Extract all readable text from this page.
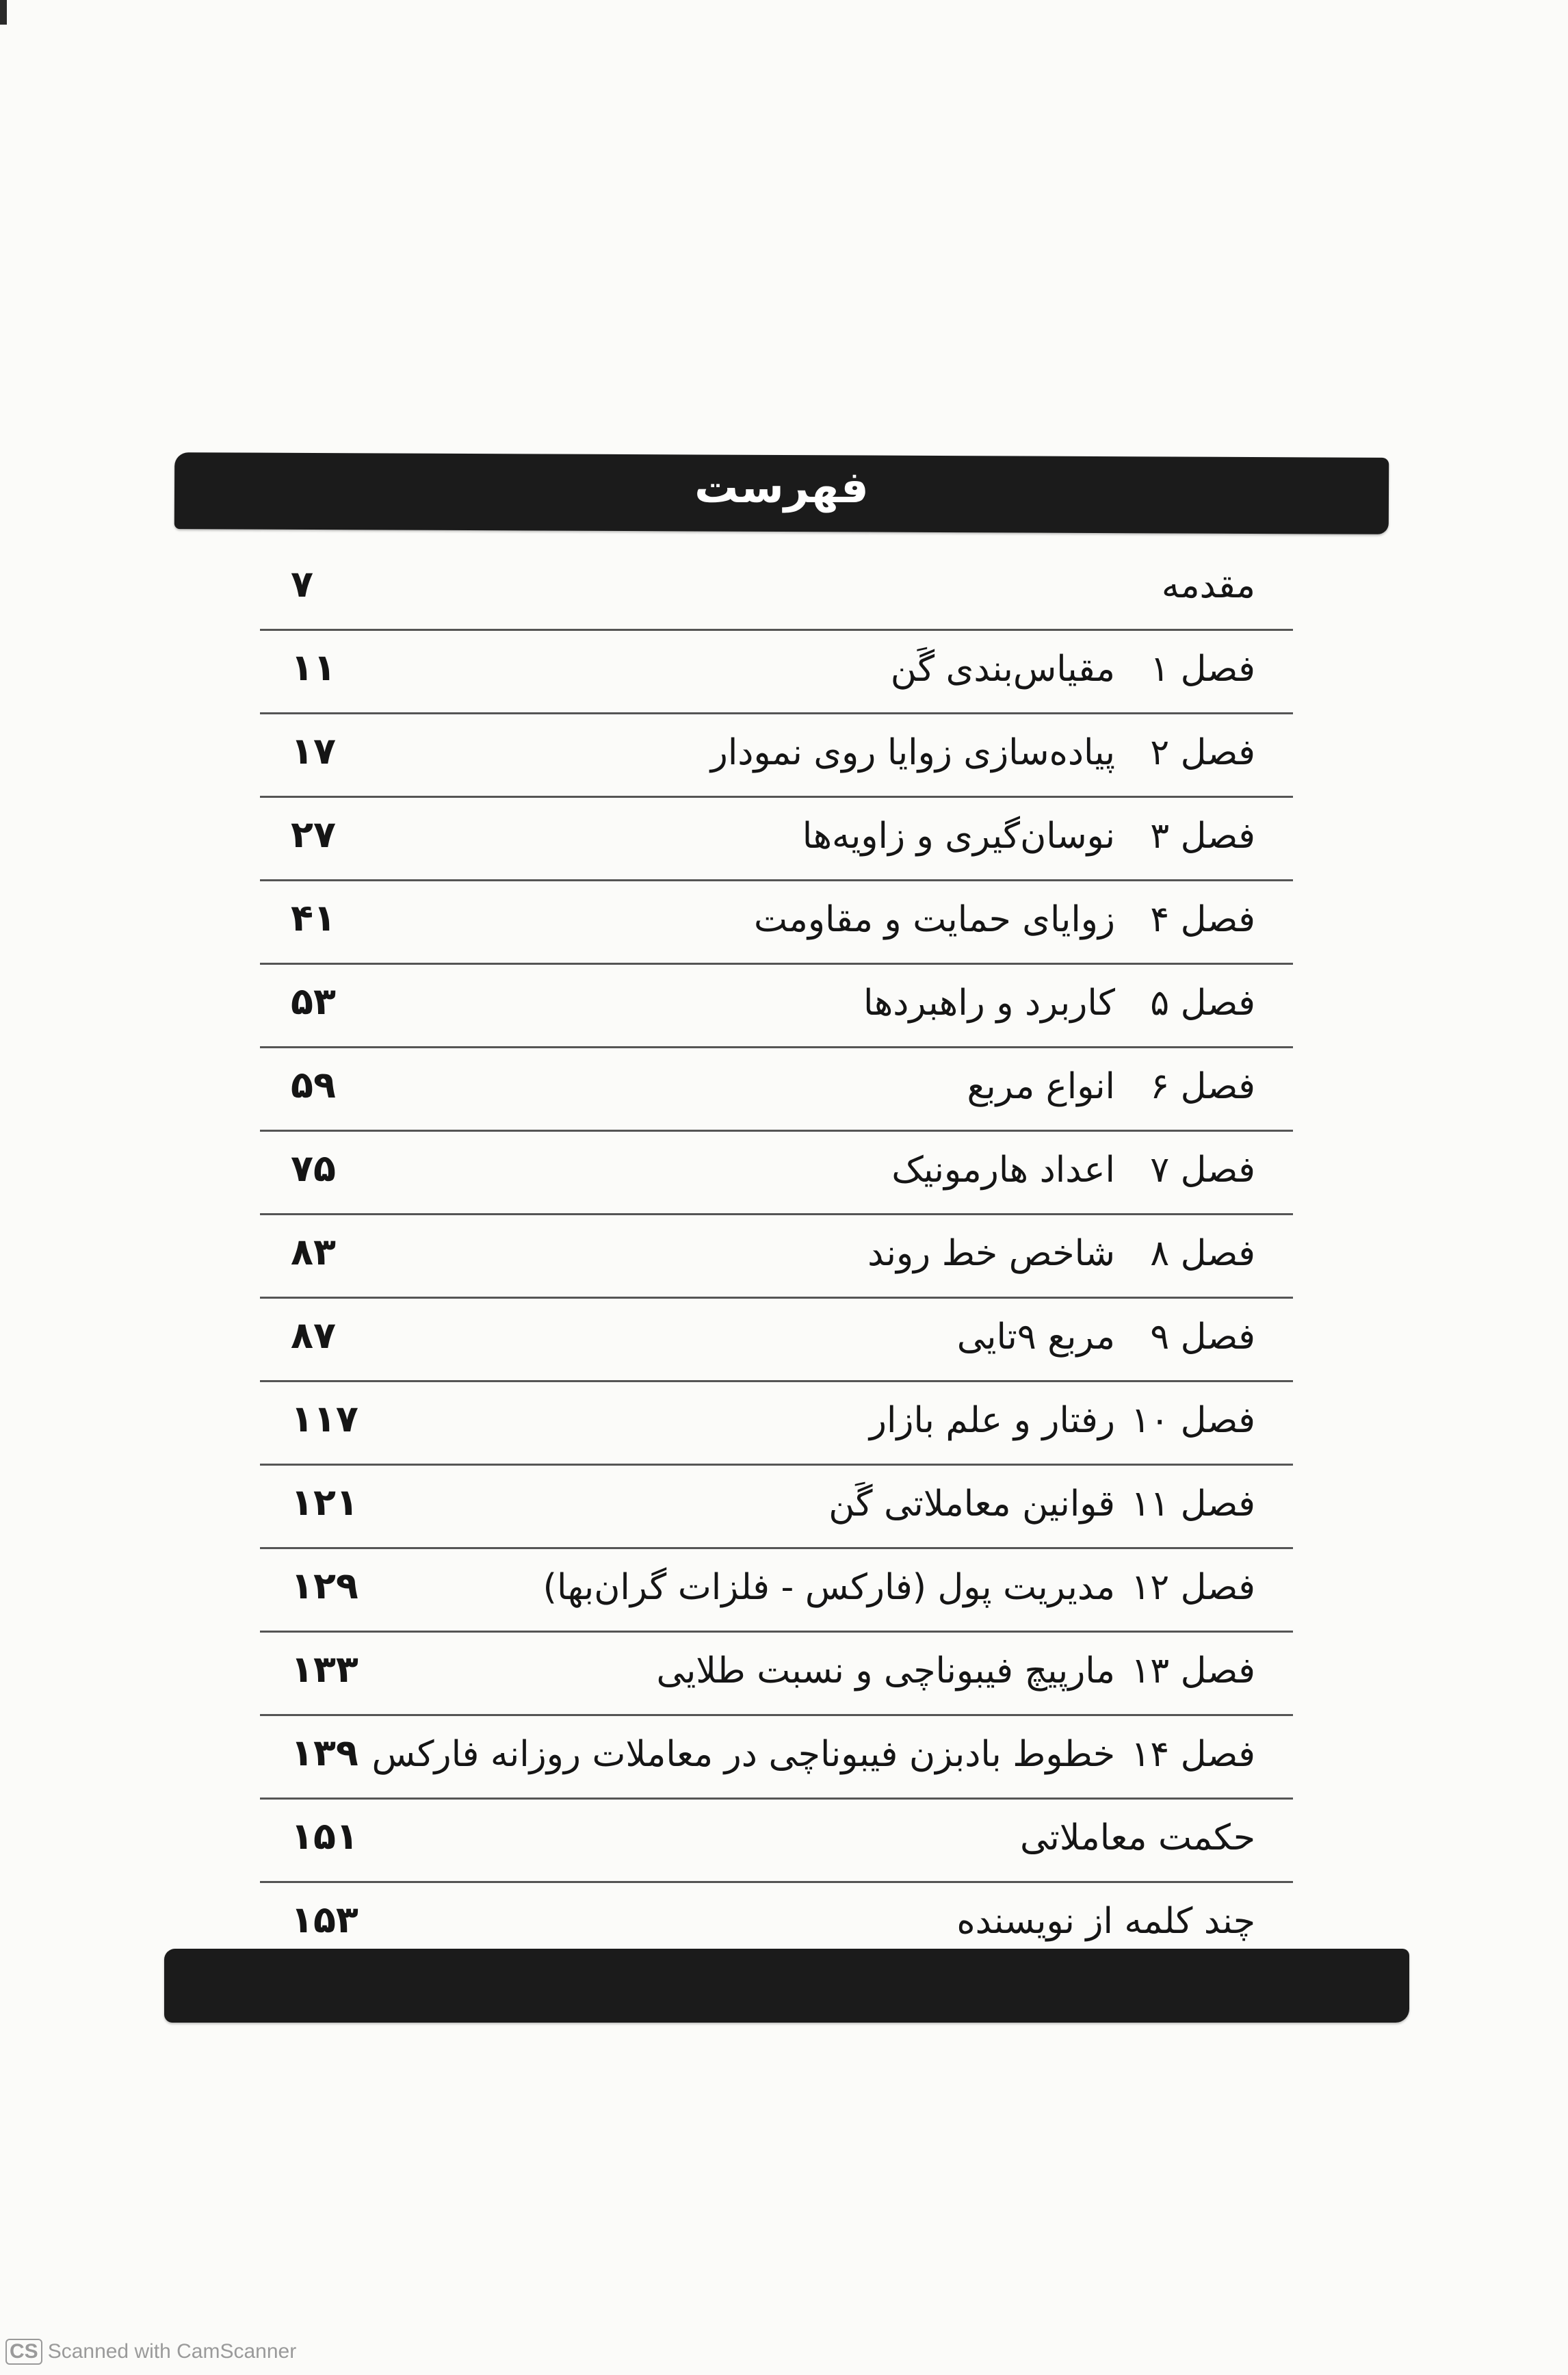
فهرست
مقدمه
۷
فصل ۱
مقیاس‌بندی گَن
۱۱
فصل ۲
پیاده‌سازی زوایا روی نمودار
۱۷
فصل ۳
نوسان‌گیری و زاویه‌ها
۲۷
فصل ۴
زوایای حمایت و مقاومت
۴۱
فصل ۵
کاربرد و راهبردها
۵۳
فصل ۶
انواع مربع
۵۹
فصل ۷
اعداد هارمونیک
۷۵
فصل ۸
شاخص خط روند
۸۳
فصل ۹
مربع ۹تایی
۸۷
فصل ۱۰
رفتار و علم بازار
۱۱۷
فصل ۱۱
قوانین معاملاتی گَن
۱۲۱
فصل ۱۲
مدیریت پول (فارکس - فلزات گران‌بها)
۱۲۹
فصل ۱۳
مارپیچ فیبوناچی و نسبت طلایی
۱۳۳
فصل ۱۴
خطوط بادبزن فیبوناچی در معاملات روزانه فارکس
۱۳۹
حکمت معاملاتی
۱۵۱
چند کلمه از نویسنده
۱۵۳
CS Scanned with CamScanner
